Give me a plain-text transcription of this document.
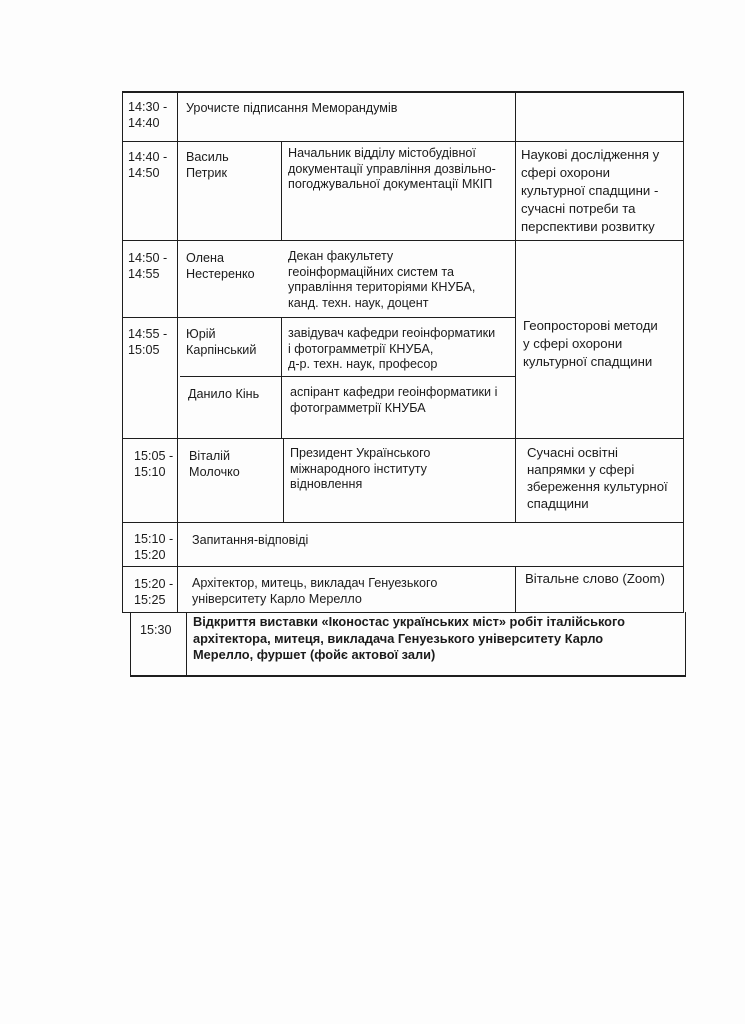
14:30 -
14:40
Урочисте підписання Меморандумів
14:40 -
14:50
Василь
Петрик
Начальник відділу містобудівної
документації управління дозвільно-
погоджувальної документації МКІП
Наукові дослідження у
сфері охорони
культурної спадщини -
сучасні потреби та
перспективи розвитку
14:50 -
14:55
Олена
Нестеренко
Декан факультету
геоінформаційних систем та
управління територіями КНУБА,
канд. техн. наук, доцент
Геопросторові методи
у сфері охорони
культурної спадщини
14:55 -
15:05
Юрій
Карпінський
завідувач кафедри геоінформатики
і фотограмметрії КНУБА,
д-р. техн. наук, професор
Данило Кінь аспірант кафедри геоінформатики і
фотограмметрії КНУБА
15:05 -
15:10
Віталій
Молочко
Президент Українського
міжнародного інституту
відновлення
Сучасні освітні
напрямки у сфері
збереження культурної
спадщини
15:10 -
15:20
Запитання-відповіді
15:20 -
15:25
Архітектор, митець, викладач Генуезького
університету Карло Мерелло
Вітальне слово (Zoom)
15:30
Відкриття виставки «Іконостас українських міст» робіт італійського
архітектора, митеця, викладача Генуезького університету Карло
Мерелло, фуршет (фойє актової зали)
